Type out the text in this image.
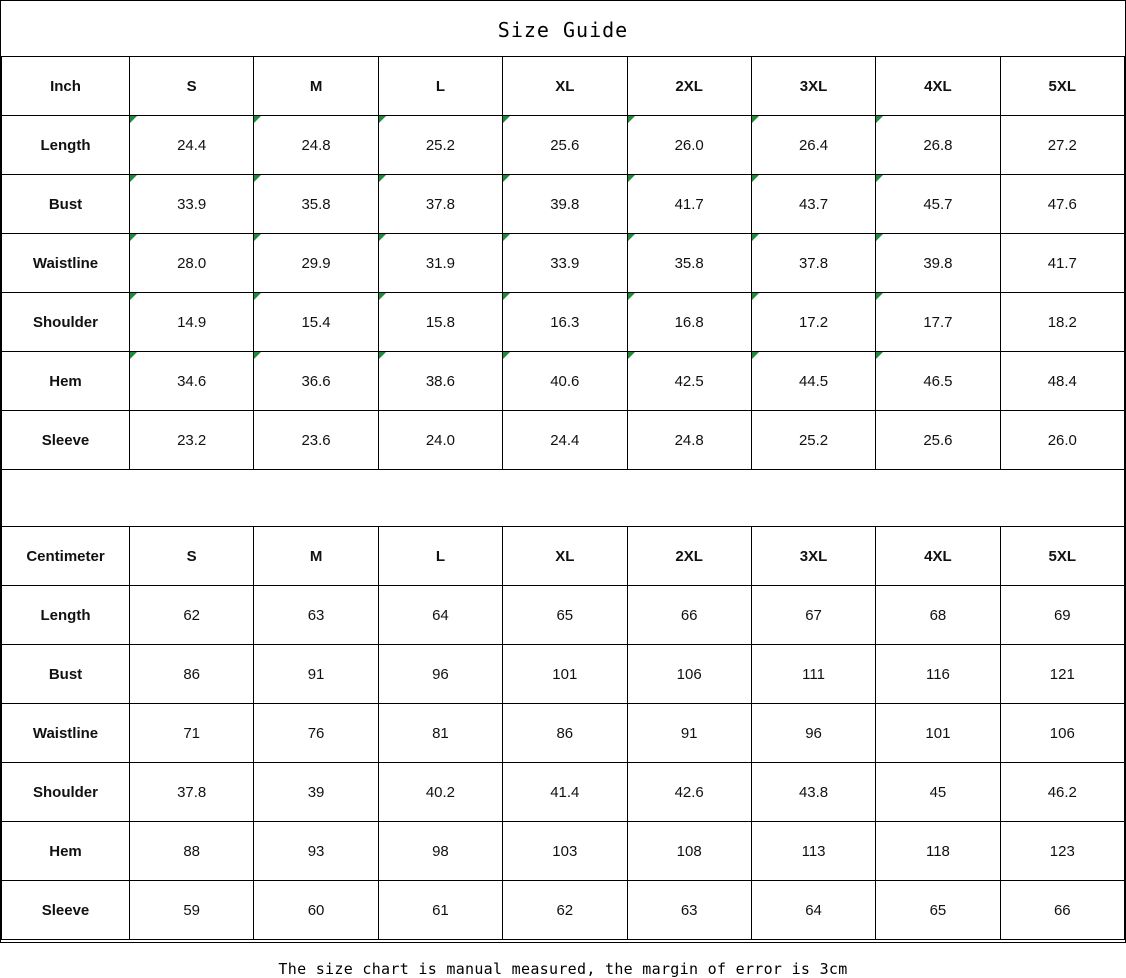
Size Guide
Inch	S	M	L	XL	2XL	3XL	4XL	5XL
Length	24.4	24.8	25.2	25.6	26.0	26.4	26.8	27.2
Bust	33.9	35.8	37.8	39.8	41.7	43.7	45.7	47.6
Waistline	28.0	29.9	31.9	33.9	35.8	37.8	39.8	41.7
Shoulder	14.9	15.4	15.8	16.3	16.8	17.2	17.7	18.2
Hem	34.6	36.6	38.6	40.6	42.5	44.5	46.5	48.4
Sleeve	23.2	23.6	24.0	24.4	24.8	25.2	25.6	26.0
Centimeter	S	M	L	XL	2XL	3XL	4XL	5XL
Length	62	63	64	65	66	67	68	69
Bust	86	91	96	101	106	111	116	121
Waistline	71	76	81	86	91	96	101	106
Shoulder	37.8	39	40.2	41.4	42.6	43.8	45	46.2
Hem	88	93	98	103	108	113	118	123
Sleeve	59	60	61	62	63	64	65	66
The size chart is manual measured, the margin of error is 3cm
